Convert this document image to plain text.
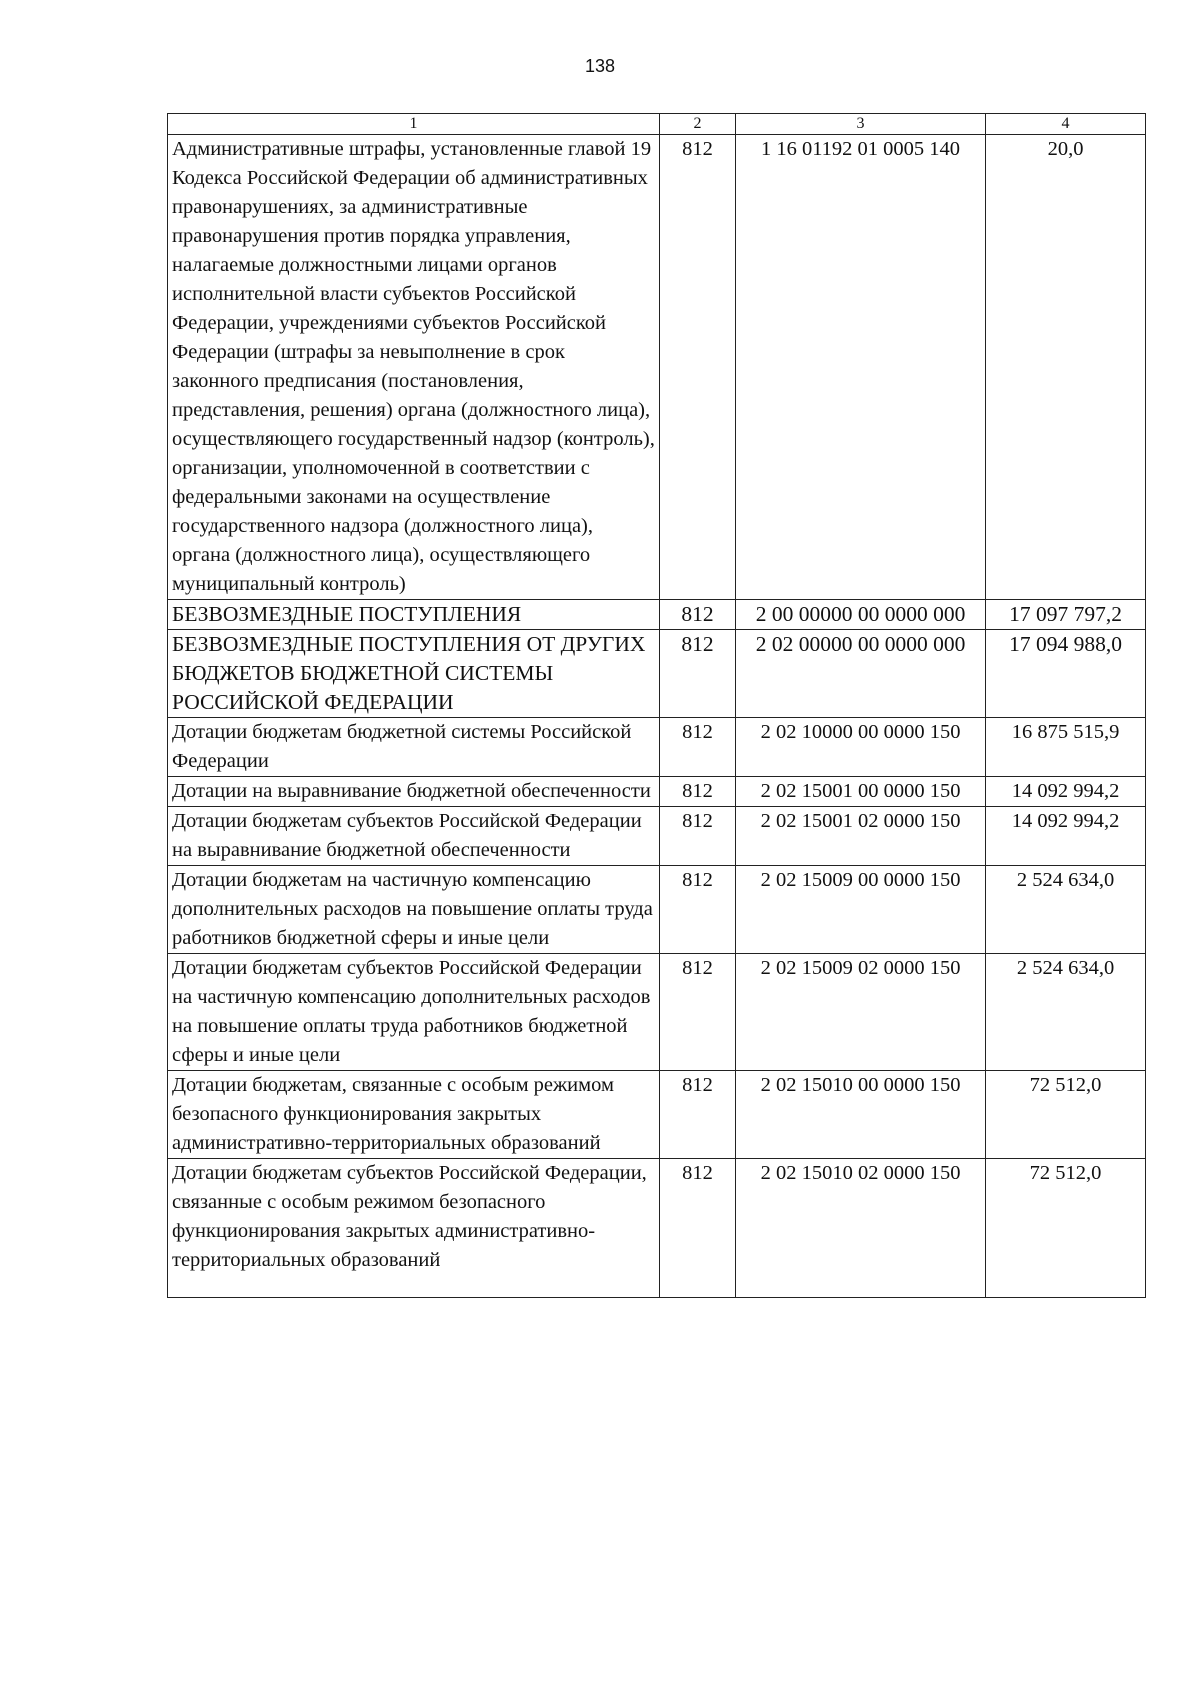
138
1	2	3	4
Административные штрафы, установленные главой 19 Кодекса Российской Федерации об административных правонарушениях, за административные правонарушения против порядка управления, налагаемые должностными лицами органов исполнительной власти субъектов Российской Федерации, учреждениями субъектов Российской Федерации (штрафы за невыполнение в срок законного предписания (постановления, представления, решения) органа (должностного лица), осуществляющего государственный надзор (контроль), организации, уполномоченной в соответствии с федеральными законами на осуществление государственного надзора (должностного лица), органа (должностного лица), осуществляющего муниципальный контроль)	812	1 16 01192 01 0005 140	20,0
БЕЗВОЗМЕЗДНЫЕ ПОСТУПЛЕНИЯ	812	2 00 00000 00 0000 000	17 097 797,2
БЕЗВОЗМЕЗДНЫЕ ПОСТУПЛЕНИЯ ОТ ДРУГИХ БЮДЖЕТОВ БЮДЖЕТНОЙ СИСТЕМЫ РОССИЙСКОЙ ФЕДЕРАЦИИ	812	2 02 00000 00 0000 000	17 094 988,0
Дотации бюджетам бюджетной системы Российской Федерации	812	2 02 10000 00 0000 150	16 875 515,9
Дотации на выравнивание бюджетной обеспеченности	812	2 02 15001 00 0000 150	14 092 994,2
Дотации бюджетам субъектов Российской Федерации на выравнивание бюджетной обеспеченности	812	2 02 15001 02 0000 150	14 092 994,2
Дотации бюджетам на частичную компенсацию дополнительных расходов на повышение оплаты труда работников бюджетной сферы и иные цели	812	2 02 15009 00 0000 150	2 524 634,0
Дотации бюджетам субъектов Российской Федерации на частичную компенсацию дополнительных расходов на повышение оплаты труда работников бюджетной сферы и иные цели	812	2 02 15009 02 0000 150	2 524 634,0
Дотации бюджетам, связанные с особым режимом безопасного функционирования закрытых административно-территориальных образований	812	2 02 15010 00 0000 150	72 512,0
Дотации бюджетам субъектов Российской Федерации, связанные с особым режимом безопасного функционирования закрытых административно-территориальных образований	812	2 02 15010 02 0000 150	72 512,0
